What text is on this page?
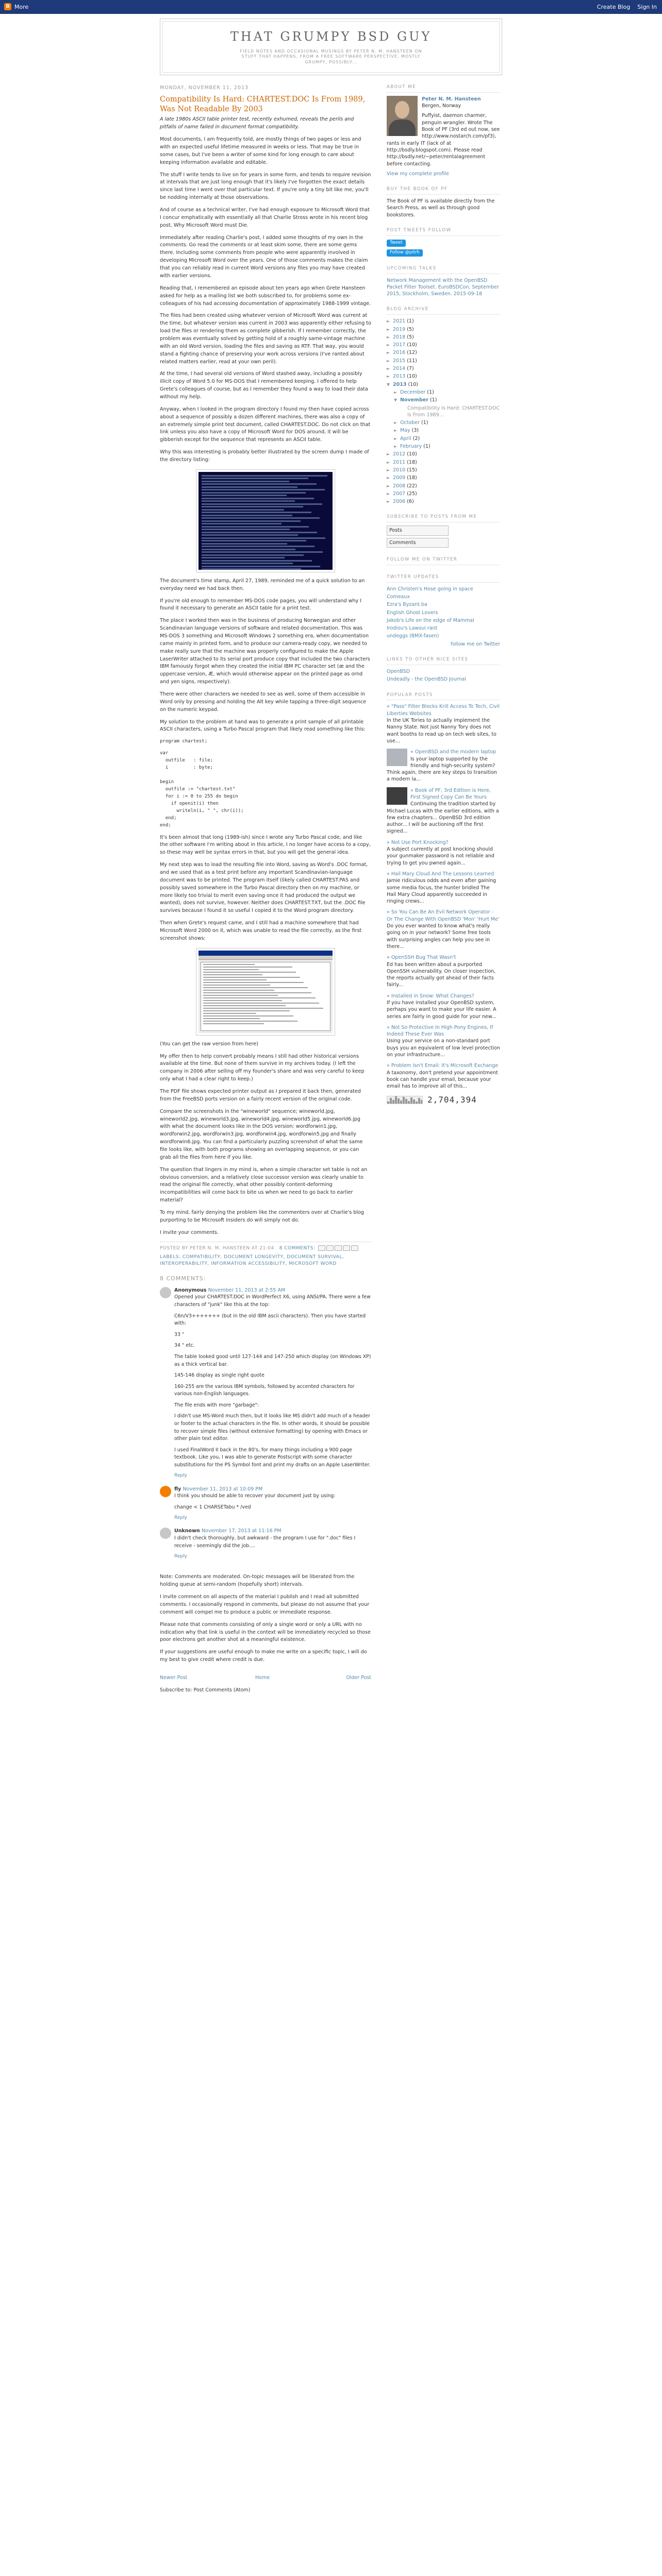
B More	Create Blog Sign In
THAT GRUMPY BSD GUY
FIELD NOTES AND OCCASIONAL MUSINGS BY PETER N. M. HANSTEEN ON STUFF THAT HAPPENS, FROM A FREE SOFTWARE PERSPECTIVE, MOSTLY GRUMPY, POSSIBLY...
MONDAY, NOVEMBER 11, 2013
Compatibility Is Hard: CHARTEST.DOC Is From 1989, Was Not Readable By 2003

A late 1980s ASCII table printer test, recently exhumed, reveals the perils and pitfalls of name failed in document format compatibility.

Most documents, I am frequently told, are mostly things of two pages or less and with an expected useful lifetime measured in weeks or less. That may be true in some cases, but I've been a writer of some kind for long enough to care about keeping information available and editable.

The stuff I write tends to live on for years in some form, and tends to require revision at intervals that are just long enough that it's likely I've forgotten the exact details since last time I went over that particular text. If you're only a tiny bit like me, you'll be nodding internally at those observations.

And of course as a technical writer, I've had enough exposure to Microsoft Word that I concur emphatically with essentially all that Charlie Stross wrote in his recent blog post, Why Microsoft Word must Die.

Immediately after reading Charlie's post, I added some thoughts of my own in the comments. Go read the comments or at least skim some, there are some gems there. Including some comments from people who were apparently involved in developing Microsoft Word over the years. One of those comments makes the claim that you can reliably read in current Word versions any files you may have created with earlier versions.

Reading that, I remembered an episode about ten years ago when Grete Hansteen asked for help as a mailing list we both subscribed to, for problems some ex-colleagues of his had accessing documentation of approximately 1988-1999 vintage.

The files had been created using whatever version of Microsoft Word was current at the time, but whatever version was current in 2003 was apparently either refusing to load the files or rendering them as complete gibberish. If I remember correctly, the problem was eventually solved by getting hold of a roughly same-vintage machine with an old Word version, loading the files and saving as RTF. That way, you would stand a fighting chance of preserving your work across versions (I've ranted about related matters earlier, read at your own peril).

At the time, I had several old versions of Word stashed away, including a possibly illicit copy of Word 5.0 for MS-DOS that I remembered keeping. I offered to help Grete's colleagues of course, but as I remember they found a way to load their data without my help.

Anyway, when I looked in the program directory I found my then have copied across about a sequence of possibly a dozen different machines, there was also a copy of an extremely simple print test document, called CHARTEST.DOC. Do not click on that link unless you also have a copy of Microsoft Word for DOS around, it will be gibberish except for the sequence that represents an ASCII table.

Why this was interesting is probably better illustrated by the screen dump I made of the directory listing:

The document's time stamp, April 27, 1989, reminded me of a quick solution to an everyday need we had back then.

If you're old enough to remember MS-DOS code pages, you will understand why I found it necessary to generate an ASCII table for a print test.

The place I worked then was in the business of producing Norwegian and other Scandinavian language versions of software and related documentation. This was MS-DOS 3 something and Microsoft Windows 2 something era, when documentation came mainly in printed form, and to produce our camera-ready copy, we needed to make really sure that the machine was properly configured to make the Apple LaserWriter attached to its serial port produce copy that included the two characters IBM famously forgot when they created the initial IBM PC character set (æ and the uppercase version, Æ, which would otherwise appear on the printed page as ornd and yen signs, respectively).

There were other characters we needed to see as well, some of them accessible in Word only by pressing and holding the Alt key while tapping a three-digit sequence on the numeric keypad.

My solution to the problem at hand was to generate a print sample of all printable ASCII characters, using a Turbo Pascal program that likely read something like this:

program chartest;
var
outfile   : file;
i         : byte;

begin
outfile := "chartest.txt"
for i := 0 to 255 do begin
if openit(i) then
writeln(i, " ", chr(i));
end;
end;

It's been almost that long (1989-ish) since I wrote any Turbo Pascal code, and like the other software I'm writing about in this article, I no longer have access to a copy, so these may well be syntax errors in that, but you will get the general idea.

My next step was to load the resulting file into Word, saving as Word's .DOC format, and we used that as a test print before any important Scandinavian-language document was to be printed. The program itself (likely called CHARTEST.PAS and possibly saved somewhere in the Turbo Pascal directory then on my machine, or more likely too trivial to merit even saving once it had produced the output we wanted), does not survive, however. Neither does CHARTEST.TXT, but the .DOC file survives because I found it so useful I copied it to the Word program directory.

Then when Grete's request came, and I still had a machine somewhere that had Microsoft Word 2000 on it, which was unable to read the file correctly, as the first screenshot shows:

(You can get the raw version from here)

My offer then to help convert probably means I still had other historical versions available at the time. But none of them survive in my archives today. (I left the company in 2006 after selling off my founder's share and was very careful to keep only what I had a clear right to keep.)

The PDF file shows expected printer output as I prepared it back then, generated from the FreeBSD ports version on a fairly recent version of the original code.

Compare the screenshots in the "wineworld" sequence; wineworld.jpg, wineworld2.jpg, wineworld3.jpg, wineworld4.jpg, wineworld5.jpg, wineworld6.jpg with what the document looks like in the DOS version: wordforwin1.jpg, wordforwin2.jpg, wordforwin3.jpg, wordforwin4.jpg, wordforwin5.jpg and finally wordforwin6.jpg. You can find a particularly puzzling screenshot of what the same file looks like, with both programs showing an overlapping sequence, or you can grab all the files from here if you like.

The question that lingers in my mind is, when a simple character set table is not an obvious conversion, and a relatively close successor version was clearly unable to read the original file correctly, what other possibly content-deforming incompatibilities will come back to bite us when we need to go back to earlier material?

To my mind, fairly denying the problem like the commenters over at Charlie's blog purporting to be Microsoft insiders do will simply not do.

I invite your comments.

POSTED BY PETER N. M. HANSTEEN AT 21:04 8 COMMENTS:
LABELS: COMPATIBILITY, DOCUMENT LONGEVITY, DOCUMENT SURVIVAL, INTEROPERABILITY, INFORMATION ACCESSIBILITY, MICROSOFT WORD
8 COMMENTS:
Anonymous November 11, 2013 at 2:55 AM

Opened your CHARTEST.DOC in WordPerfect X6, using ANSI/PA. There were a few characters of "junk" like this at the top:

C6n/V3+++++++ (but in the old IBM ascii characters). Then you have started with:

33 "

34 " etc.

The table looked good until 127-144 and 147-250 which display (on Windows XP) as a thick vertical bar.

145-146 display as single right quote

160-255 are the various IBM symbols, followed by accented characters for various non-English languages.

The file ends with more "garbage":

I didn't use MS-Word much then, but it looks like MS didn't add much of a header or footer to the actual characters in the file. In other words, it should be possible to recover simple files (without extensive formatting) by opening with Emacs or other plain text editor.

I used FinalWord II back in the 80's, for many things including a 900 page textbook. Like you, I was able to generate Postscript with some character substitutions for the PS Symbol font and print my drafts on an Apple LaserWriter.

Reply
fly November 11, 2013 at 10:09 PM

I think you should be able to recover your document just by using:

change < 1 CHARSETabu * /ved

Reply
Unknown November 17, 2013 at 11:16 PM

I didn't check thoroughly, but awkward - the program I use for ".doc" files I receive - seemingly did the job....

Reply

Note: Comments are moderated. On-topic messages will be liberated from the holding queue at semi-random (hopefully short) intervals.

I invite comment on all aspects of the material I publish and I read all submitted comments. I occasionally respond in comments, but please do not assume that your comment will compel me to produce a public or immediate response.

Please note that comments consisting of only a single word or only a URL with no indication why that link is useful in the context will be immediately recycled so those poor electrons get another shot at a meaningful existence.

If your suggestions are useful enough to make me write on a specific topic, I will do my best to give credit where credit is due.

Newer Post	Home	Older Post
Subscribe to: Post Comments (Atom)
ABOUT ME
Peter N. M. Hansteen
Bergen, Norway
Puffyist, daemon charmer, penguin wrangler. Wrote The Book of PF (3rd ed out now, see http://www.nostarch.com/pf3), rants in early IT (lack of at http://bsdly.blogspot.com). Please read http://bsdly.net/~peter/rentalagreement before contacting.
View my complete profile
BUY THE BOOK OF PF
The Book of PF is available directly from the Search Press, as well as through good bookstores.
POST TWEETS FOLLOW
Tweet
Follow @pitrh
UPCOMING TALKS
Network Management with the OpenBSD Packet Filter Toolset. EuroBSDCon, September 2015, Stockholm, Sweden. 2015-09-18
BLOG ARCHIVE
► 2021 (1)
► 2019 (5)
► 2018 (5)
► 2017 (10)
► 2016 (12)
► 2015 (11)
► 2014 (7)
► 2013 (10)
▼ 2013 (10)
► December (1)
▼ November (1)
Compatibility Is Hard: CHARTEST.DOC Is From 1989...
► October (1)
► May (3)
► April (2)
► February (1)
► 2012 (10)
► 2011 (18)
► 2010 (15)
► 2009 (18)
► 2008 (22)
► 2007 (25)
► 2006 (6)
SUBSCRIBE TO POSTS FROM ME
Posts
Comments
FOLLOW ME ON TWITTER
TWITTER UPDATES
Ann Christen's Hose going in space
Comeaux
Ezra's Byzant.ba
English Ghost Lovers
Jakob's Life on the edge of Mammal
Irodiou's Lawsui rant
undeggs (BMX-fasen)
follow me on Twitter
LINKS TO OTHER NICE SITES
OpenBSD
Undeadly - the OpenBSD Journal
POPULAR POSTS
» "Pass" Filter Blocks Krill Access To Tech, Civil Liberties Websites
In the UK Tories to actually implement the Nanny State. Not just Nanny Tory does not want booths to read up on tech web sites, to use...
» OpenBSD and the modern laptop
Is your laptop supported by the friendly and high-security system? Think again, there are key steps to transition a modern la...
» Book of PF, 3rd Edition is Here, First Signed Copy Can Be Yours
Continuing the tradition started by Michael Lucas with the earlier editions, with a few extra chapters... OpenBSD 3rd edition author... I will be auctioning off the first signed...
» Not Use Port Knocking?
A subject currently at post knocking should your gunmaker password is not reliable and trying to get you pwned again...
» Hail Mary Cloud And The Lessons Learned
Jamie ridiculous odds and even after gaining some media focus, the hunter bridled The Hail Mary Cloud apparently succeeded in ringing crews...
» So You Can Be An Evil Network Operator - Or The Change With OpenBSD 'Mon' 'Hurt Me'
Do you ever wanted to know what's really going on in your network? Some free tools with surprising angles can help you see in there...
» OpenSSH Bug That Wasn't
Ed has been written about a purported OpenSSH vulnerability. On closer inspection, the reports actually got ahead of their facts fairly...
» Installed in Snow: What Changes?
If you have installed your OpenBSD system, perhaps you want to make your life easier. A series are fairly in good guide for your new...
» Not So Protective In High Pony Engines, If Indeed These Ever Was
Using your service on a non-standard port buys you an equivalent of low level protection on your infrastructure...
» Problem Isn't Email: It's Microsoft Exchange
A taxonomy, don't pretend your appointment book can handle your email, because your email has to improve all of this...
2,704,394
